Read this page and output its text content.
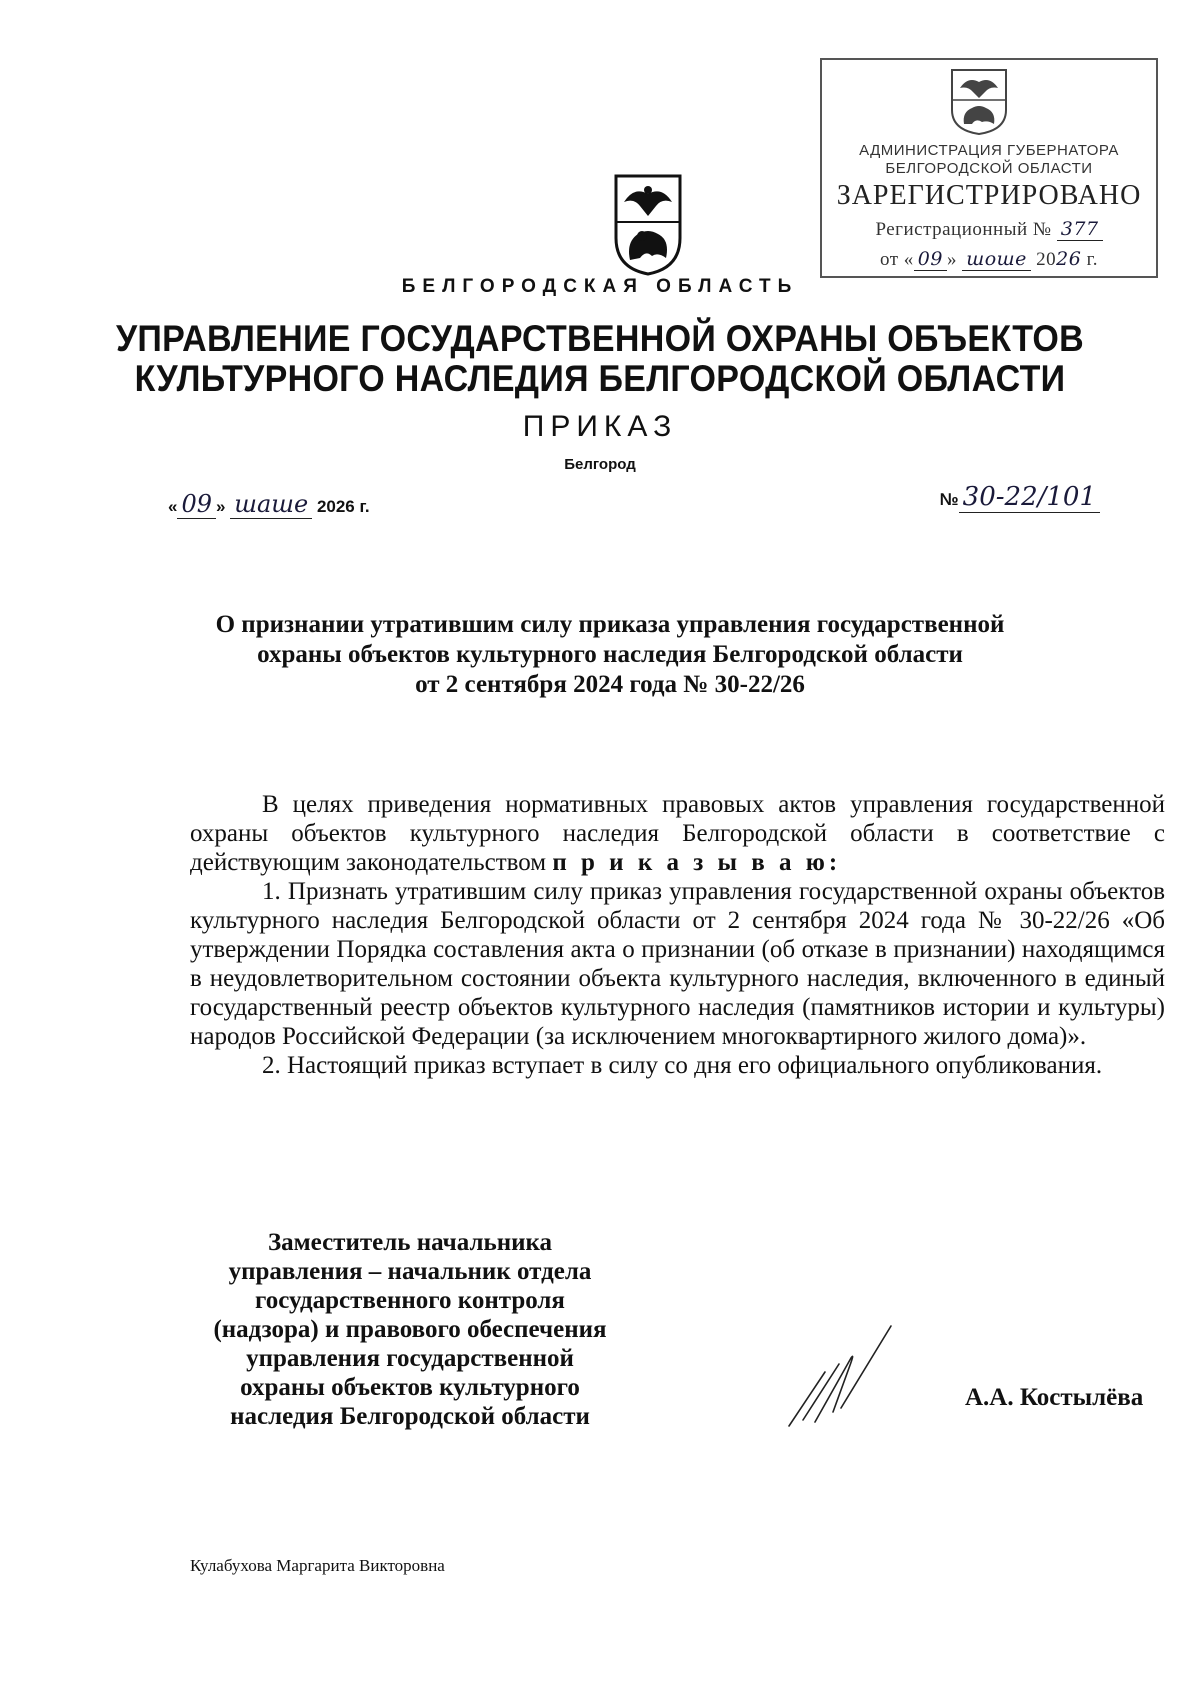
АДМИНИСТРАЦИЯ ГУБЕРНАТОРА
БЕЛГОРОДСКОЙ ОБЛАСТИ
ЗАРЕГИСТРИРОВАНО
Регистрационный № 377
от « 09 » шоше 2026 г.
БЕЛГОРОДСКАЯ ОБЛАСТЬ
УПРАВЛЕНИЕ ГОСУДАРСТВЕННОЙ ОХРАНЫ ОБЪЕКТОВ
КУЛЬТУРНОГО НАСЛЕДИЯ БЕЛГОРОДСКОЙ ОБЛАСТИ
ПРИКАЗ
Белгород
« 09 » шаше 2026 г.	№ 30-22/101
О признании утратившим силу приказа управления государственной
охраны объектов культурного наследия Белгородской области
от 2 сентября 2024 года № 30-22/26

В целях приведения нормативных правовых актов управления государственной охраны объектов культурного наследия Белгородской области в соответствие с действующим законодательством п р и к а з ы в а ю:

1. Признать утратившим силу приказ управления государственной охраны объектов культурного наследия Белгородской области от 2 сентября 2024 года № 30-22/26 «Об утверждении Порядка составления акта о признании (об отказе в признании) находящимся в неудовлетворительном состоянии объекта культурного наследия, включенного в единый государственный реестр объектов культурного наследия (памятников истории и культуры) народов Российской Федерации (за исключением многоквартирного жилого дома)».

2. Настоящий приказ вступает в силу со дня его официального опубликования.

Заместитель начальника
управления – начальник отдела
государственного контроля
(надзора) и правового обеспечения
управления государственной
охраны объектов культурного
наследия Белгородской области
А.А. Костылёва
Кулабухова Маргарита Викторовна
